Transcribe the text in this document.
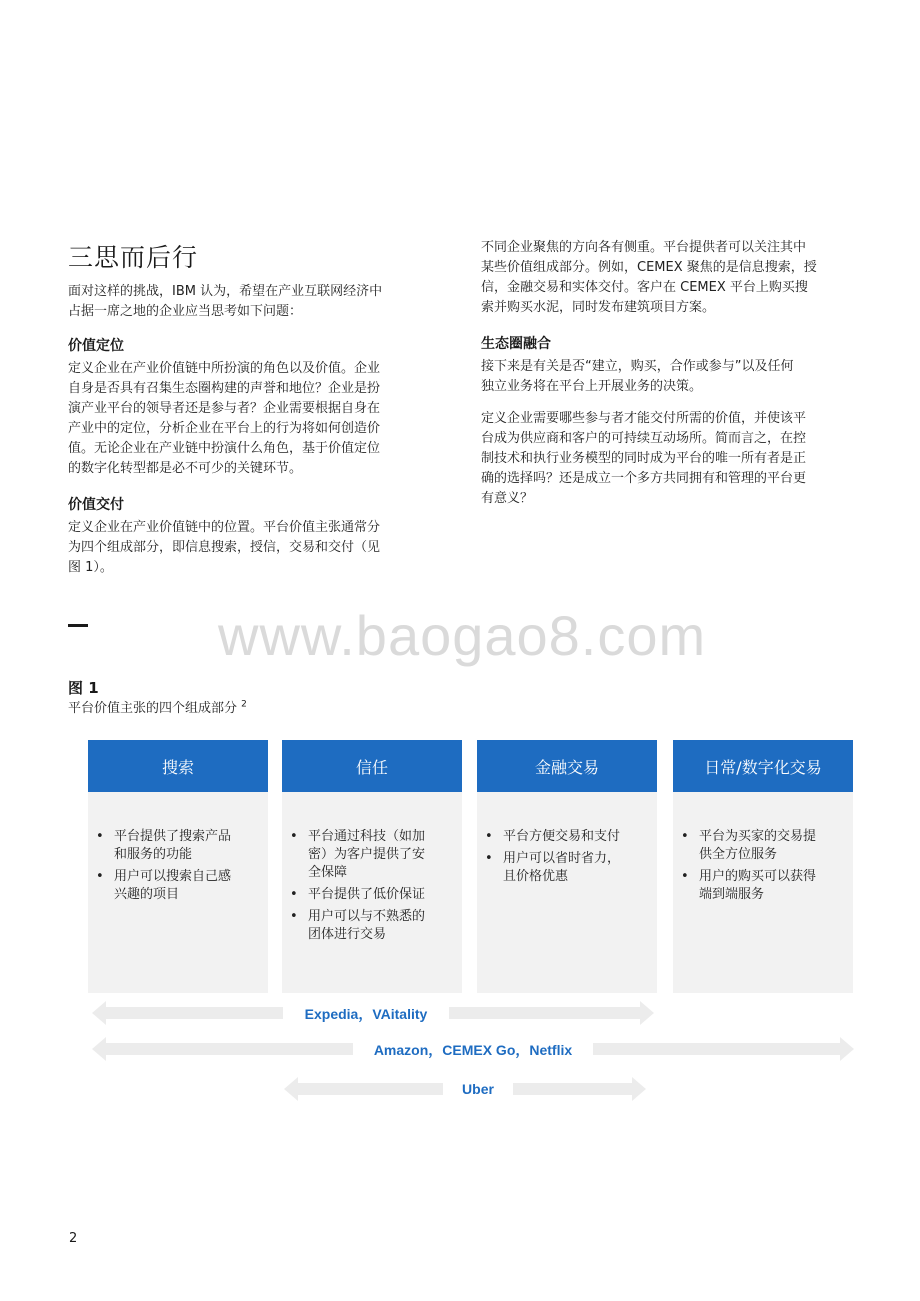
三思而后行
面对这样的挑战，IBM 认为，希望在产业互联网经济中
占据一席之地的企业应当思考如下问题：
价值定位
定义企业在产业价值链中所扮演的角色以及价值。企业
自身是否具有召集生态圈构建的声誉和地位？企业是扮
演产业平台的领导者还是参与者？企业需要根据自身在
产业中的定位，分析企业在平台上的行为将如何创造价
值。无论企业在产业链中扮演什么角色，基于价值定位
的数字化转型都是必不可少的关键环节。
价值交付
定义企业在产业价值链中的位置。平台价值主张通常分
为四个组成部分，即信息搜索，授信，交易和交付（见
图 1）。
不同企业聚焦的方向各有侧重。平台提供者可以关注其中
某些价值组成部分。例如，CEMEX 聚焦的是信息搜索，授
信，金融交易和实体交付。客户在 CEMEX 平台上购买搜
索并购买水泥，同时发布建筑项目方案。
生态圈融合
接下来是有关是否“建立，购买，合作或参与”以及任何
独立业务将在平台上开展业务的决策。
定义企业需要哪些参与者才能交付所需的价值，并使该平
台成为供应商和客户的可持续互动场所。简而言之，在控
制技术和执行业务模型的同时成为平台的唯一所有者是正
确的选择吗？还是成立一个多方共同拥有和管理的平台更
有意义？
www.baogao8.com
图 1
平台价值主张的四个组成部分 $^2$
搜索
• 平台提供了搜索产品
和服务的功能
• 用户可以搜索自己感
兴趣的项目
信任
• 平台通过科技（如加
密）为客户提供了安
全保障
• 平台提供了低价保证
• 用户可以与不熟悉的
团体进行交易
金融交易
• 平台方便交易和支付
• 用户可以省时省力，
且价格优惠
日常/数字化交易
• 平台为买家的交易提
供全方位服务
• 用户的购买可以获得
端到端服务
Expedia，VAitality
Amazon，CEMEX Go，Netflix
Uber
2
